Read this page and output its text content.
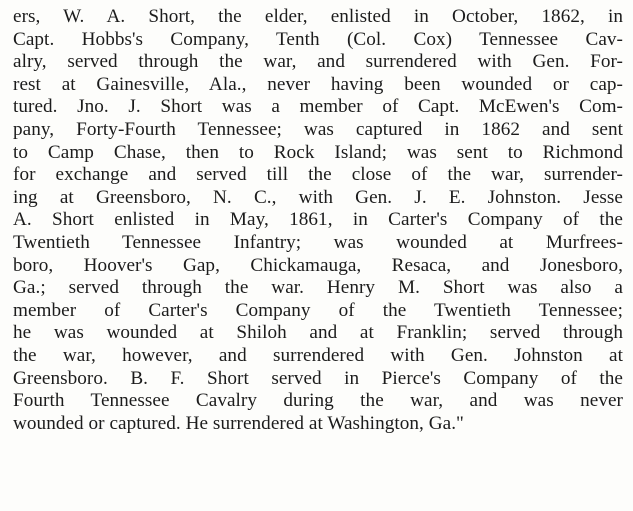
ers, W. A. Short, the elder, enlisted in October, 1862, in
Capt. Hobbs's Company, Tenth (Col. Cox) Tennessee Cav-
alry, served through the war, and surrendered with Gen. For-
rest at Gainesville, Ala., never having been wounded or cap-
tured. Jno. J. Short was a member of Capt. McEwen's Com-
pany, Forty-Fourth Tennessee; was captured in 1862 and sent
to Camp Chase, then to Rock Island; was sent to Richmond
for exchange and served till the close of the war, surrender-
ing at Greensboro, N. C., with Gen. J. E. Johnston. Jesse
A. Short enlisted in May, 1861, in Carter's Company of the
Twentieth Tennessee Infantry; was wounded at Murfrees-
boro, Hoover's Gap, Chickamauga, Resaca, and Jonesboro,
Ga.; served through the war. Henry M. Short was also a
member of Carter's Company of the Twentieth Tennessee;
he was wounded at Shiloh and at Franklin; served through
the war, however, and surrendered with Gen. Johnston at
Greensboro. B. F. Short served in Pierce's Company of the
Fourth Tennessee Cavalry during the war, and was never
wounded or captured. He surrendered at Washington, Ga."
